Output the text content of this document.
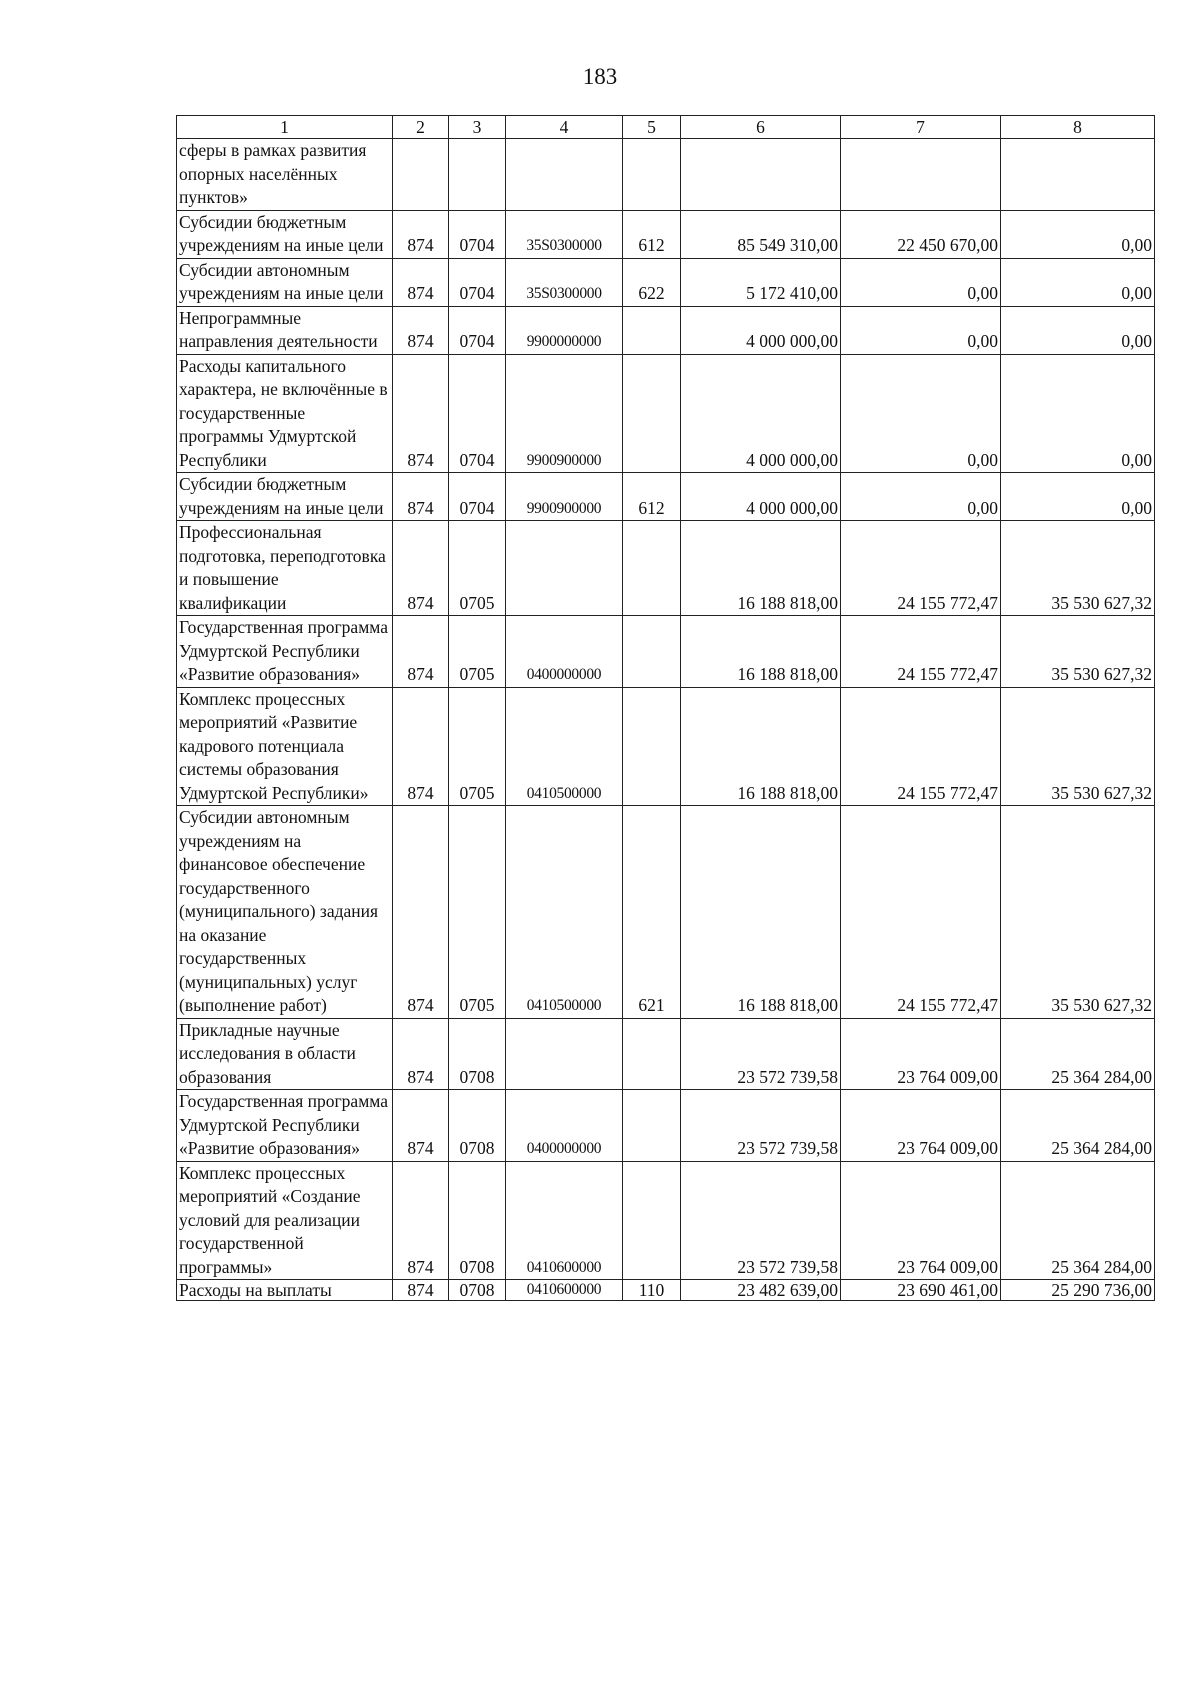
183
1	2	3	4	5	6	7	8
сферы в рамках развития опорных населённых пунктов»							
Субсидии бюджетным учреждениям на иные цели	874	0704	35S0300000	612	85 549 310,00	22 450 670,00	0,00
Субсидии автономным учреждениям на иные цели	874	0704	35S0300000	622	5 172 410,00	0,00	0,00
Непрограммные направления деятельности	874	0704	9900000000		4 000 000,00	0,00	0,00
Расходы капитального характера, не включённые в государственные программы Удмуртской Республики	874	0704	9900900000		4 000 000,00	0,00	0,00
Субсидии бюджетным учреждениям на иные цели	874	0704	9900900000	612	4 000 000,00	0,00	0,00
Профессиональная подготовка, переподготовка и повышение квалификации	874	0705			16 188 818,00	24 155 772,47	35 530 627,32
Государственная программа Удмуртской Республики «Развитие образования»	874	0705	0400000000		16 188 818,00	24 155 772,47	35 530 627,32
Комплекс процессных мероприятий «Развитие кадрового потенциала системы образования Удмуртской Республики»	874	0705	0410500000		16 188 818,00	24 155 772,47	35 530 627,32
Субсидии автономным учреждениям на финансовое обеспечение государственного (муниципального) задания на оказание государственных (муниципальных) услуг (выполнение работ)	874	0705	0410500000	621	16 188 818,00	24 155 772,47	35 530 627,32
Прикладные научные исследования в области образования	874	0708			23 572 739,58	23 764 009,00	25 364 284,00
Государственная программа Удмуртской Республики «Развитие образования»	874	0708	0400000000		23 572 739,58	23 764 009,00	25 364 284,00
Комплекс процессных мероприятий «Создание условий для реализации государственной программы»	874	0708	0410600000		23 572 739,58	23 764 009,00	25 364 284,00
Расходы на выплаты	874	0708	0410600000	110	23 482 639,00	23 690 461,00	25 290 736,00
